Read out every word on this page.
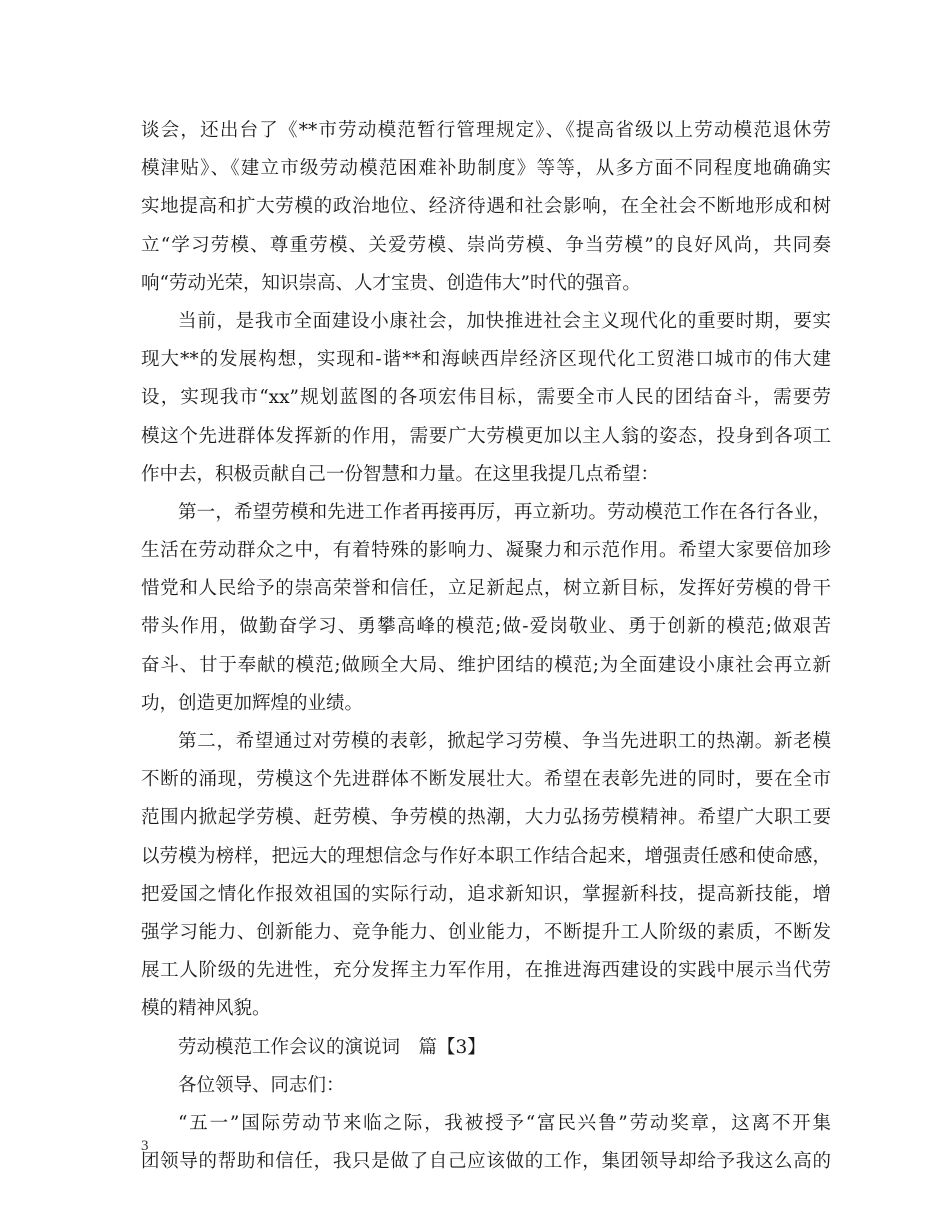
谈会，还出台了《**市劳动模范暂行管理规定》、《提高省级以上劳动模范退休劳
模津贴》、《建立市级劳动模范困难补助制度》等等，从多方面不同程度地确确实
实地提高和扩大劳模的政治地位、经济待遇和社会影响，在全社会不断地形成和树
立“学习劳模、尊重劳模、关爱劳模、崇尚劳模、争当劳模”的良好风尚，共同奏
响“劳动光荣，知识崇高、人才宝贵、创造伟大”时代的强音。
当前，是我市全面建设小康社会，加快推进社会主义现代化的重要时期，要实
现大**的发展构想，实现和-谐**和海峡西岸经济区现代化工贸港口城市的伟大建
设，实现我市“xx”规划蓝图的各项宏伟目标，需要全市人民的团结奋斗，需要劳
模这个先进群体发挥新的作用，需要广大劳模更加以主人翁的姿态，投身到各项工
作中去，积极贡献自己一份智慧和力量。在这里我提几点希望：
第一，希望劳模和先进工作者再接再厉，再立新功。劳动模范工作在各行各业，
生活在劳动群众之中，有着特殊的影响力、凝聚力和示范作用。希望大家要倍加珍
惜党和人民给予的崇高荣誉和信任，立足新起点，树立新目标，发挥好劳模的骨干
带头作用，做勤奋学习、勇攀高峰的模范;做-爱岗敬业、勇于创新的模范;做艰苦
奋斗、甘于奉献的模范;做顾全大局、维护团结的模范;为全面建设小康社会再立新
功，创造更加辉煌的业绩。
第二，希望通过对劳模的表彰，掀起学习劳模、争当先进职工的热潮。新老模
不断的涌现，劳模这个先进群体不断发展壮大。希望在表彰先进的同时，要在全市
范围内掀起学劳模、赶劳模、争劳模的热潮，大力弘扬劳模精神。希望广大职工要
以劳模为榜样，把远大的理想信念与作好本职工作结合起来，增强责任感和使命感，
把爱国之情化作报效祖国的实际行动，追求新知识，掌握新科技，提高新技能，增
强学习能力、创新能力、竞争能力、创业能力，不断提升工人阶级的素质，不断发
展工人阶级的先进性，充分发挥主力军作用，在推进海西建设的实践中展示当代劳
模的精神风貌。
劳动模范工作会议的演说词　篇【3】
各位领导、同志们：
“五一”国际劳动节来临之际，我被授予“富民兴鲁”劳动奖章，这离不开集
团领导的帮助和信任，我只是做了自己应该做的工作，集团领导却给予我这么高的
3
